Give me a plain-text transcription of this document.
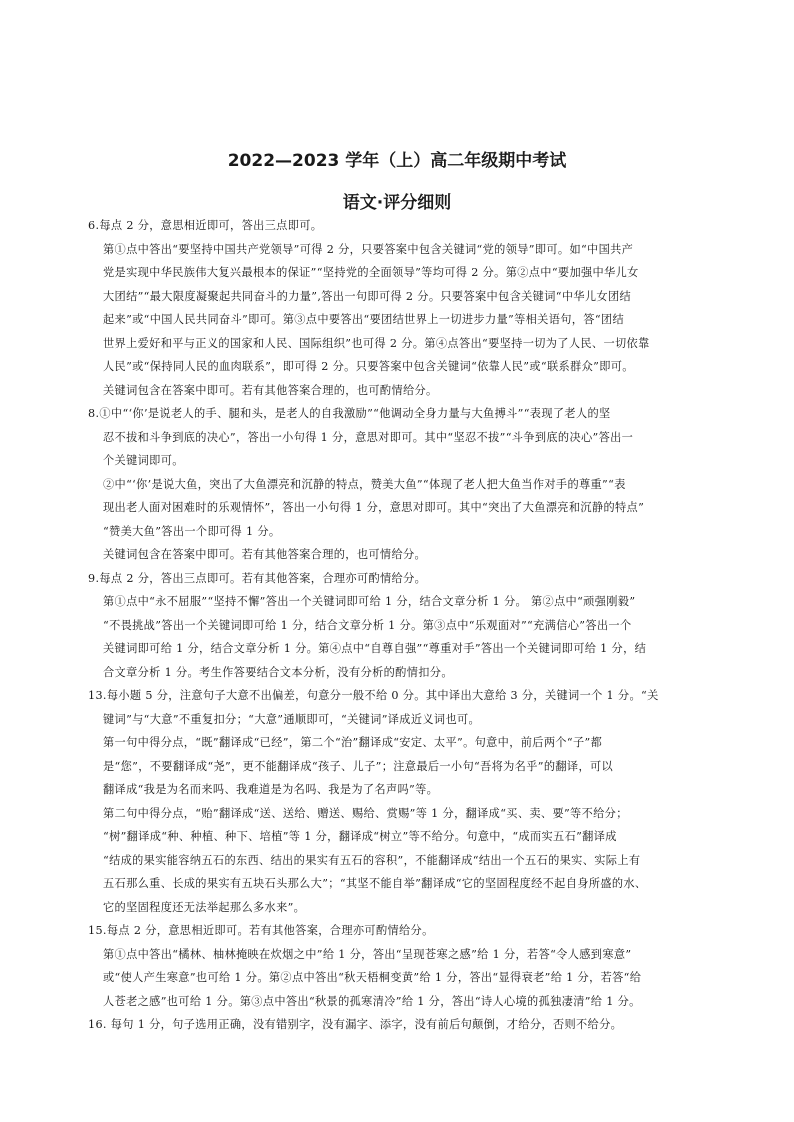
2022—2023 学年（上）高二年级期中考试
语文·评分细则
6.每点 2 分，意思相近即可，答出三点即可。
第①点中答出“要坚持中国共产党领导”可得 2 分，只要答案中包含关键词“党的领导”即可。如“中国共产
党是实现中华民族伟大复兴最根本的保证”“坚持党的全面领导”等均可得 2 分。第②点中“要加强中华儿女
大团结”“最大限度凝聚起共同奋斗的力量”,答出一句即可得 2 分。只要答案中包含关键词“中华儿女团结
起来”或“中国人民共同奋斗”即可。第③点中要答出“要团结世界上一切进步力量”等相关语句，答“团结
世界上爱好和平与正义的国家和人民、国际组织”也可得 2 分。第④点答出“要坚持一切为了人民、一切依靠
人民”或“保持同人民的血肉联系”，即可得 2 分。只要答案中包含关键词“依靠人民”或“联系群众”即可。
关键词包含在答案中即可。若有其他答案合理的，也可酌情给分。
8.①中“‘你’是说老人的手、腿和头，是老人的自我激励”“他调动全身力量与大鱼搏斗”“表现了老人的坚
忍不拔和斗争到底的决心”，答出一小句得 1 分，意思对即可。其中“坚忍不拔”“斗争到底的决心”答出一
个关键词即可。
②中“‘你’是说大鱼，突出了大鱼漂亮和沉静的特点，赞美大鱼”“体现了老人把大鱼当作对手的尊重”“表
现出老人面对困难时的乐观情怀”，答出一小句得 1 分，意思对即可。其中“突出了大鱼漂亮和沉静的特点”
“赞美大鱼”答出一个即可得 1 分。
关键词包含在答案中即可。若有其他答案合理的，也可情给分。
9.每点 2 分，答出三点即可。若有其他答案，合理亦可酌情给分。
第①点中“永不屈服”“坚持不懈”答出一个关键词即可给 1 分，结合文章分析 1 分。 第②点中“顽强刚毅”
“不畏挑战”答出一个关键词即可给 1 分，结合文章分析 1 分。第③点中“乐观面对”“充满信心”答出一个
关键词即可给 1 分，结合文章分析 1 分。第④点中“自尊自强”“尊重对手”答出一个关键词即可给 1 分，结
合文章分析 1 分。考生作答要结合文本分析，没有分析的酌情扣分。
13.每小题 5 分，注意句子大意不出偏差，句意分一般不给 0 分。其中译出大意给 3 分，关键词一个 1 分。“关
键词”与“大意”不重复扣分；“大意”通顺即可，“关键词”译成近义词也可。
第一句中得分点，“既”翻译成“已经”，第二个“治”翻译成“安定、太平”。句意中，前后两个“子”都
是“您”，不要翻译成“尧”，更不能翻译成“孩子、儿子”；注意最后一小句“吾将为名乎”的翻译，可以
翻译成“我是为名而来吗、我难道是为名吗、我是为了名声吗”等。
第二句中得分点，“贻”翻译成“送、送给、赠送、赐给、赏赐”等 1 分，翻译成“买、卖、要”等不给分；
“树”翻译成“种、种植、种下、培植”等 1 分，翻译成“树立”等不给分。句意中，“成而实五石”翻译成
“结成的果实能容纳五石的东西、结出的果实有五石的容积”，不能翻译成“结出一个五石的果实、实际上有
五石那么重、长成的果实有五块石头那么大”；“其坚不能自举”翻译成“它的坚固程度经不起自身所盛的水、
它的坚固程度还无法举起那么多水来”。
15.每点 2 分，意思相近即可。若有其他答案，合理亦可酌情给分。
第①点中答出“橘林、柚林掩映在炊烟之中”给 1 分，答出“呈现苍寒之感”给 1 分，若答“令人感到寒意”
或“使人产生寒意”也可给 1 分。第②点中答出“秋天梧桐变黄”给 1 分，答出“显得衰老”给 1 分，若答“给
人苍老之感”也可给 1 分。第③点中答出“秋景的孤寒清冷”给 1 分，答出“诗人心境的孤独凄清”给 1 分。
16. 每句 1 分，句子选用正确，没有错别字，没有漏字、添字，没有前后句颠倒，才给分，否则不给分。
